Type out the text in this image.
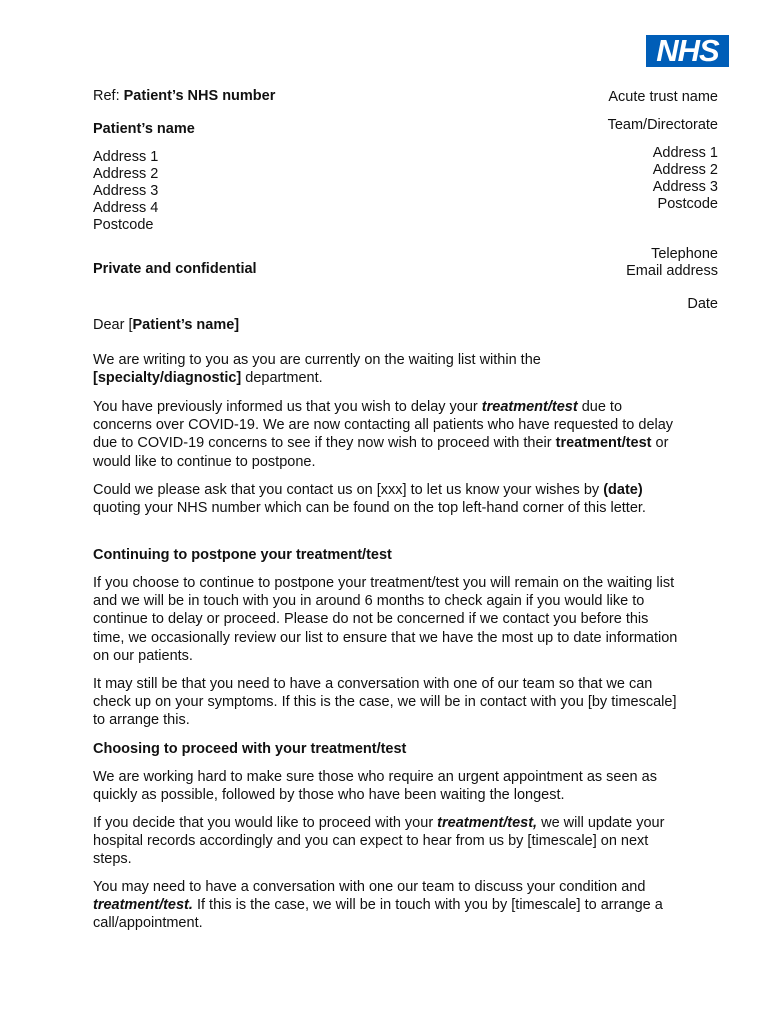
NHS

Ref: Patient’s NHS number

Patient’s name

Address 1

Address 2

Address 3

Address 4

Postcode

Private and confidential

Acute trust name

Team/Directorate

Address 1

Address 2

Address 3

Postcode

Telephone

Email address

Date

Dear [Patient’s name]

We are writing to you as you are currently on the waiting list within the
[specialty/diagnostic] department.

You have previously informed us that you wish to delay your treatment/test due to concerns over COVID-19. We are now contacting all patients who have requested to delay due to COVID-19 concerns to see if they now wish to proceed with their treatment/test or would like to continue to postpone.

Could we please ask that you contact us on [xxx] to let us know your wishes by (date) quoting your NHS number which can be found on the top left-hand corner of this letter.

Continuing to postpone your treatment/test

If you choose to continue to postpone your treatment/test you will remain on the waiting list and we will be in touch with you in around 6 months to check again if you would like to continue to delay or proceed. Please do not be concerned if we contact you before this time, we occasionally review our list to ensure that we have the most up to date information on our patients.

It may still be that you need to have a conversation with one of our team so that we can check up on your symptoms. If this is the case, we will be in contact with you [by timescale] to arrange this.

Choosing to proceed with your treatment/test

We are working hard to make sure those who require an urgent appointment as seen as quickly as possible, followed by those who have been waiting the longest.

If you decide that you would like to proceed with your treatment/test, we will update your hospital records accordingly and you can expect to hear from us by [timescale] on next steps.

You may need to have a conversation with one our team to discuss your condition and treatment/test. If this is the case, we will be in touch with you by [timescale] to arrange a call/appointment.
